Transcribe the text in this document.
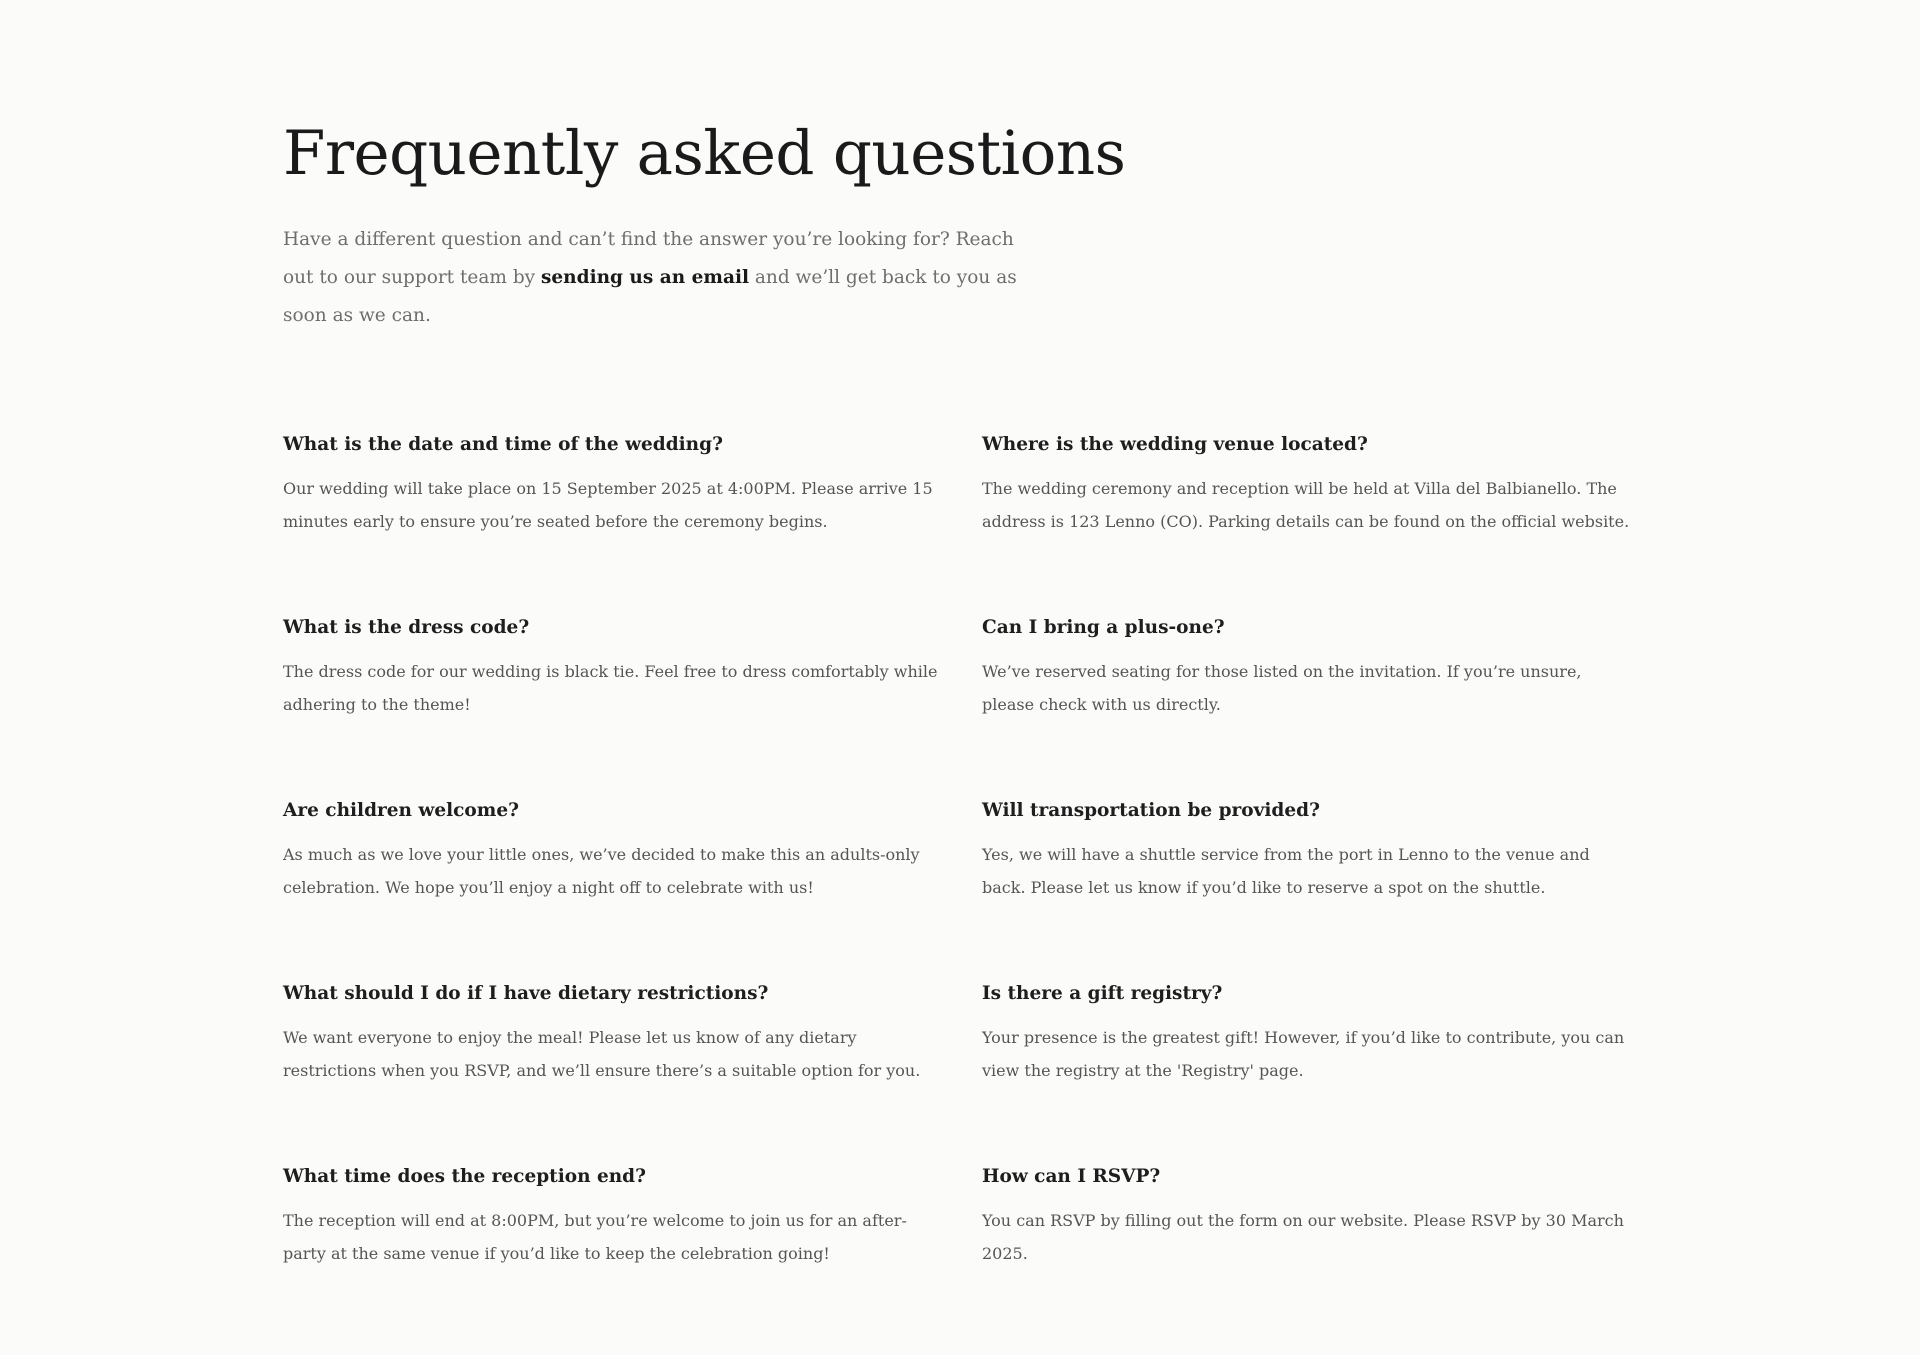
Frequently asked questions
Have a different question and can’t find the answer you’re looking for? Reach out to our support team by sending us an email and we’ll get back to you as soon as we can.
What is the date and time of the wedding?

Our wedding will take place on 15 September 2025 at 4:00PM. Please arrive 15 minutes early to ensure you’re seated before the ceremony begins.

Where is the wedding venue located?

The wedding ceremony and reception will be held at Villa del Balbianello. The address is 123 Lenno (CO). Parking details can be found on the official website.

What is the dress code?

The dress code for our wedding is black tie. Feel free to dress comfortably while adhering to the theme!

Can I bring a plus-one?

We’ve reserved seating for those listed on the invitation. If you’re unsure, please check with us directly.

Are children welcome?

As much as we love your little ones, we’ve decided to make this an adults-only celebration. We hope you’ll enjoy a night off to celebrate with us!

Will transportation be provided?

Yes, we will have a shuttle service from the port in Lenno to the venue and back. Please let us know if you’d like to reserve a spot on the shuttle.

What should I do if I have dietary restrictions?

We want everyone to enjoy the meal! Please let us know of any dietary restrictions when you RSVP, and we’ll ensure there’s a suitable option for you.

Is there a gift registry?

Your presence is the greatest gift! However, if you’d like to contribute, you can view the registry at the 'Registry' page.

What time does the reception end?

The reception will end at 8:00PM, but you’re welcome to join us for an after-party at the same venue if you’d like to keep the celebration going!

How can I RSVP?

You can RSVP by filling out the form on our website. Please RSVP by 30 March 2025.
